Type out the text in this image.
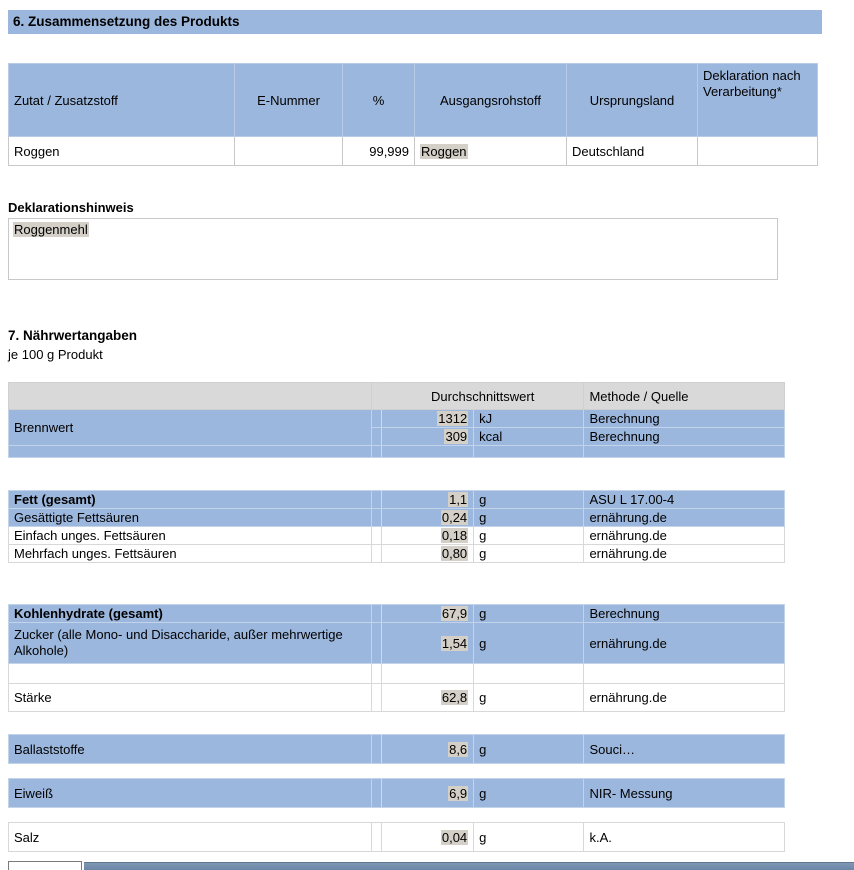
6. Zusammensetzung des Produkts
Zutat / Zusatzstoff	E-Nummer	%	Ausgangsrohstoff	Ursprungsland	Deklaration nach Verarbeitung*
Roggen		99,999	Roggen	Deutschland	
Deklarationshinweis
Roggenmehl
7. Nährwertangaben
je 100 g Produkt
		Durchschnittswert		Methode / Quelle
Brennwert		1312	kJ	Berechnung
		309	kcal	Berechnung

Fett (gesamt)		1,1	g	ASU L 17.00-4
Gesättigte Fettsäuren		0,24	g	ernährung.de
Einfach unges. Fettsäuren		0,18	g	ernährung.de
Mehrfach unges. Fettsäuren		0,80	g	ernährung.de
Kohlenhydrate (gesamt)		67,9	g	Berechnung
Zucker (alle Mono- und Disaccharide, außer mehrwertige Alkohole)		1,54	g	ernährung.de

Stärke		62,8	g	ernährung.de
Ballaststoffe		8,6	g	Souci…
Eiweiß		6,9	g	NIR- Messung
Salz		0,04	g	k.A.
